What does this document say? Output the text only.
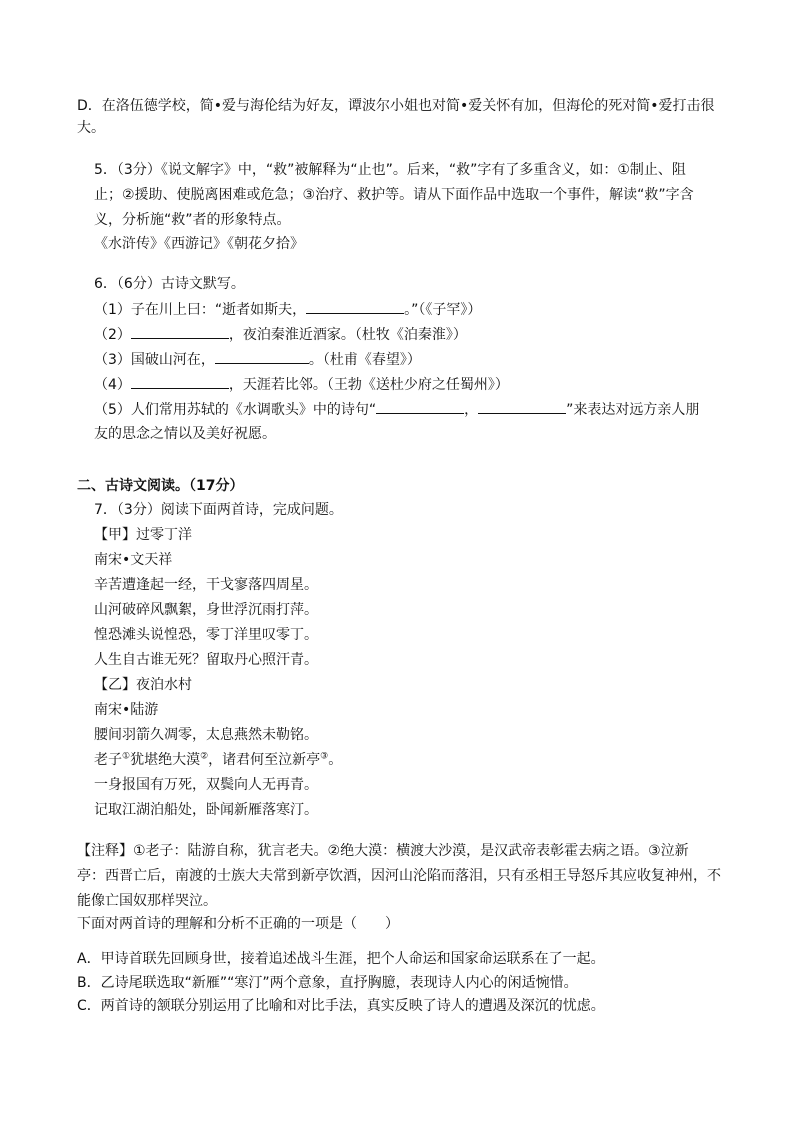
D．在洛伍德学校，简•爱与海伦结为好友，谭波尔小姐也对简•爱关怀有加，但海伦的死对简•爱打击很
大。
5．（3分）《说文解字》中，“救”被解释为“止也”。后来，“救”字有了多重含义，如：①制止、阻
止；②援助、使脱离困难或危急；③治疗、救护等。请从下面作品中选取一个事件，解读“救”字含
义，分析施“救”者的形象特点。
《水浒传》《西游记》《朝花夕拾》
6．（6分）古诗文默写。
（1）子在川上曰：“逝者如斯夫，	。”（《子罕》）
（2）	，夜泊秦淮近酒家。（杜牧《泊秦淮》）
（3）国破山河在，	。（杜甫《春望》）
（4）	，天涯若比邻。（王勃《送杜少府之任蜀州》）
（5）人们常用苏轼的《水调歌头》中的诗句“	，	”来表达对远方亲人朋
友的思念之情以及美好祝愿。
二、古诗文阅读。（17分）
7．（3分）阅读下面两首诗，完成问题。
【甲】过零丁洋
南宋•文天祥
辛苦遭逢起一经，干戈寥落四周星。
山河破碎风飘絮，身世浮沉雨打萍。
惶恐滩头说惶恐，零丁洋里叹零丁。
人生自古谁无死？留取丹心照汗青。
【乙】夜泊水村
南宋•陆游
腰间羽箭久凋零，太息燕然未勒铭。
老子①犹堪绝大漠②，诸君何至泣新亭③。
一身报国有万死，双鬓向人无再青。
记取江湖泊船处，卧闻新雁落寒汀。
【注释】①老子：陆游自称，犹言老夫。②绝大漠：横渡大沙漠，是汉武帝表彰霍去病之语。③泣新
亭：西晋亡后，南渡的士族大夫常到新亭饮酒，因河山沦陷而落泪，只有丞相王导怒斥其应收复神州，不
能像亡国奴那样哭泣。
下面对两首诗的理解和分析不正确的一项是（　　）
A．甲诗首联先回顾身世，接着追述战斗生涯，把个人命运和国家命运联系在了一起。
B．乙诗尾联选取“新雁”“寒汀”两个意象，直抒胸臆，表现诗人内心的闲适惋惜。
C．两首诗的颔联分别运用了比喻和对比手法，真实反映了诗人的遭遇及深沉的忧虑。
